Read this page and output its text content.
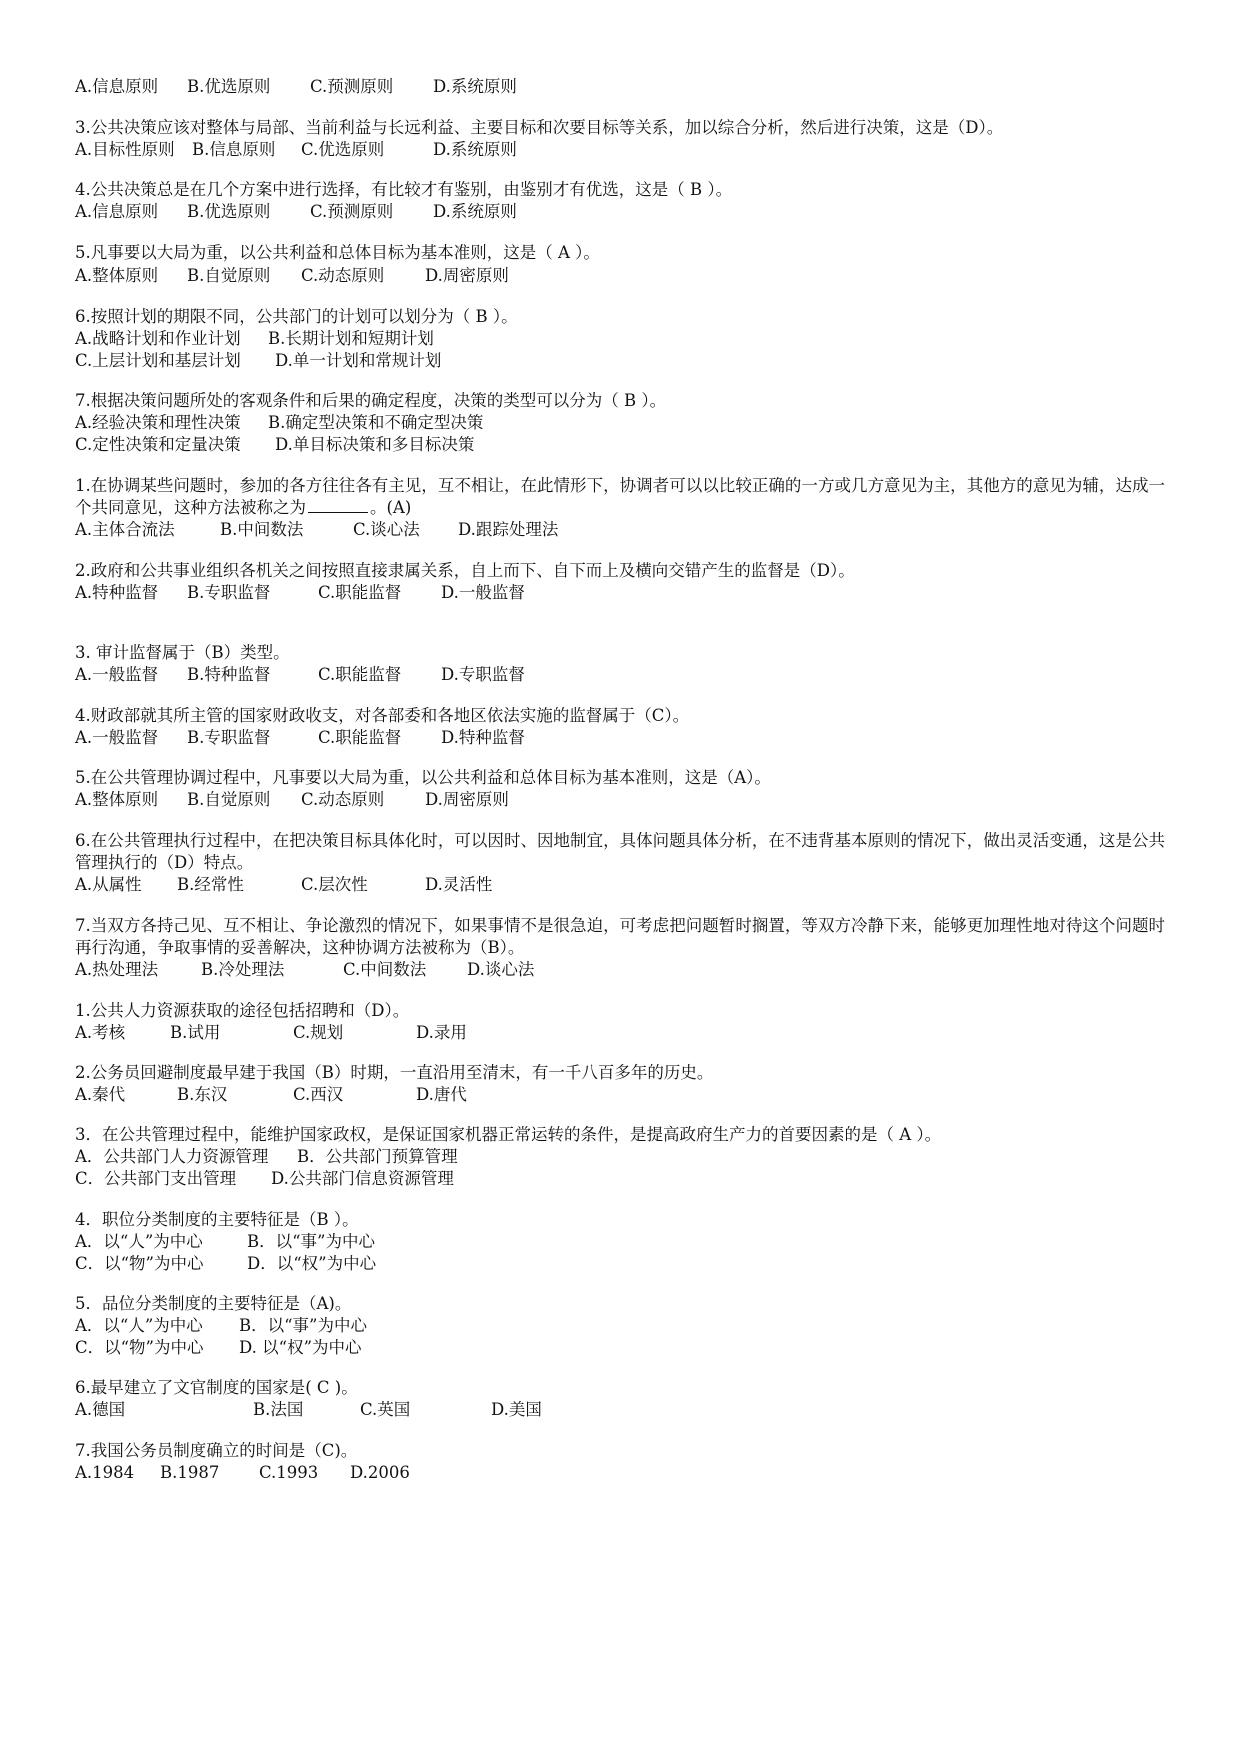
A.信息原则 B.优选原则 C.预测原则 D.系统原则
3.公共决策应该对整体与局部、当前利益与长远利益、主要目标和次要目标等关系，加以综合分析，然后进行决策，这是（D）。
A.目标性原则 B.信息原则 C.优选原则	D.系统原则
4.公共决策总是在几个方案中进行选择，有比较才有鉴别，由鉴别才有优选，这是（ B ）。
A.信息原则 B.优选原则 C.预测原则 D.系统原则
5.凡事要以大局为重，以公共利益和总体目标为基本准则，这是（ A ）。
A.整体原则 B.自觉原则 C.动态原则 D.周密原则
6.按照计划的期限不同，公共部门的计划可以划分为（ B ）。
A.战略计划和作业计划 B.长期计划和短期计划
C.上层计划和基层计划 D.单一计划和常规计划
7.根据决策问题所处的客观条件和后果的确定程度，决策的类型可以分为（ B ）。
A.经验决策和理性决策 B.确定型决策和不确定型决策
C.定性决策和定量决策 D.单目标决策和多目标决策
1.在协调某些问题时，参加的各方往往各有主见，互不相让，在此情形下，协调者可以以比较正确的一方或几方意见为主，其他方的意见为辅，达成一个共同意见，这种方法被称之为	。(A)
A.主体合流法	B.中间数法	C.谈心法 D.跟踪处理法
2.政府和公共事业组织各机关之间按照直接隶属关系，自上而下、自下而上及横向交错产生的监督是（D）。
A.特种监督 B.专职监督	C.职能监督 D.一般监督
3. 审计监督属于（B）类型。
A.一般监督 B.特种监督	C.职能监督 D.专职监督
4.财政部就其所主管的国家财政收支，对各部委和各地区依法实施的监督属于（C）。
A.一般监督 B.专职监督	C.职能监督 D.特种监督
5.在公共管理协调过程中，凡事要以大局为重，以公共利益和总体目标为基本准则，这是（A）。
A.整体原则 B.自觉原则 C.动态原则 D.周密原则
6.在公共管理执行过程中，在把决策目标具体化时，可以因时、因地制宜，具体问题具体分析，在不违背基本原则的情况下，做出灵活变通，这是公共管理执行的（D）特点。
A.从属性 B.经常性	C.层次性	D.灵活性
7.当双方各持己见、互不相让、争论激烈的情况下，如果事情不是很急迫，可考虑把问题暂时搁置，等双方冷静下来，能够更加理性地对待这个问题时再行沟通，争取事情的妥善解决，这种协调方法被称为（B）。
A.热处理法	B.冷处理法	C.中间数法 D.谈心法
1.公共人力资源获取的途径包括招聘和（D）。
A.考核	B.试用	C.规划	D.录用
2.公务员回避制度最早建于我国（B）时期，一直沿用至清末，有一千八百多年的历史。
A.秦代	B.东汉	C.西汉	D.唐代
3．在公共管理过程中，能维护国家政权，是保证国家机器正常运转的条件，是提高政府生产力的首要因素的是（ A ）。
A．公共部门人力资源管理 B．公共部门预算管理
C．公共部门支出管理 D.公共部门信息资源管理
4．职位分类制度的主要特征是（B ）。
A．以“人”为中心	B．以“事”为中心
C．以“物”为中心	D．以“权”为中心
5．品位分类制度的主要特征是（A)。
A．以“人”为中心 B．以“事”为中心
C．以“物”为中心 D. 以“权”为中心
6.最早建立了文官制度的国家是( C )。
A.德国	B.法国	C.英国	D.美国
7.我国公务员制度确立的时间是（C)。
A.1984 B.1987 C.1993 D.2006
